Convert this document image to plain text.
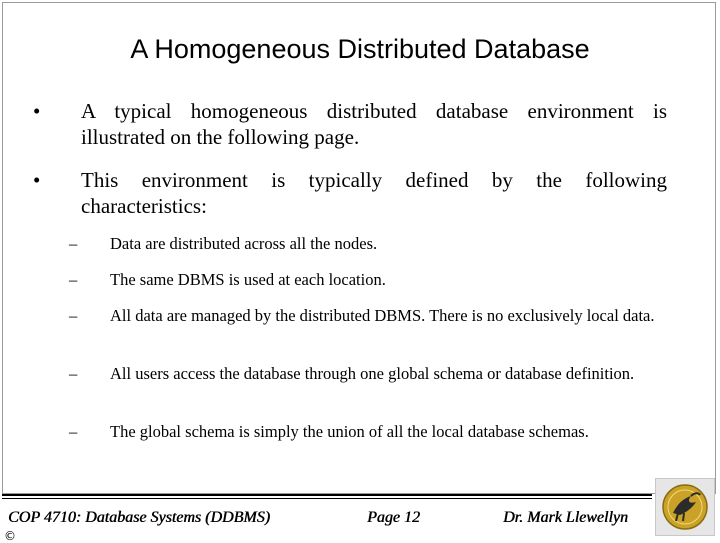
A Homogeneous Distributed Database
• A typical homogeneous distributed database environment is illustrated on the following page.
• This environment is typically defined by the following characteristics:
– Data are distributed across all the nodes.
– The same DBMS is used at each location.
– All data are managed by the distributed DBMS. There is no exclusively local data.
– All users access the database through one global schema or database definition.
– The global schema is simply the union of all the local database schemas.
COP 4710: Database Systems (DDBMS)	Page 12	Dr. Mark Llewellyn
©
